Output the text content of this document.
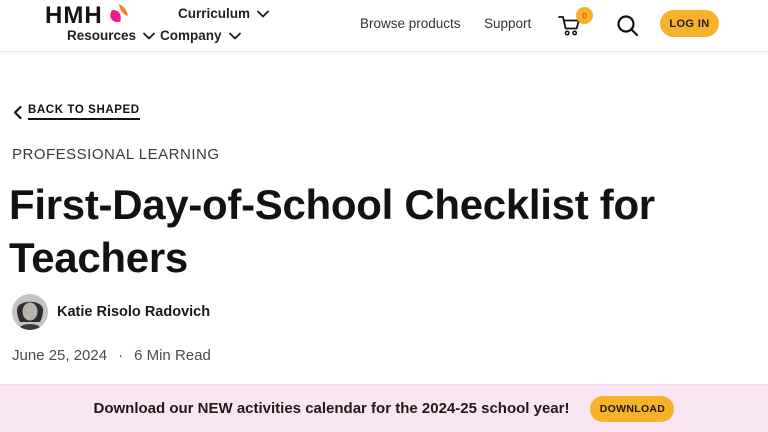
HMH	Curriculum
Resources Company
Browse products Support
0
LOG IN
BACK TO SHAPED
PROFESSIONAL LEARNING
First-Day-of-School Checklist for Teachers
Katie Risolo Radovich
June 25, 2024 · 6 Min Read
Download our NEW activities calendar for the 2024-25 school year!	DOWNLOAD
